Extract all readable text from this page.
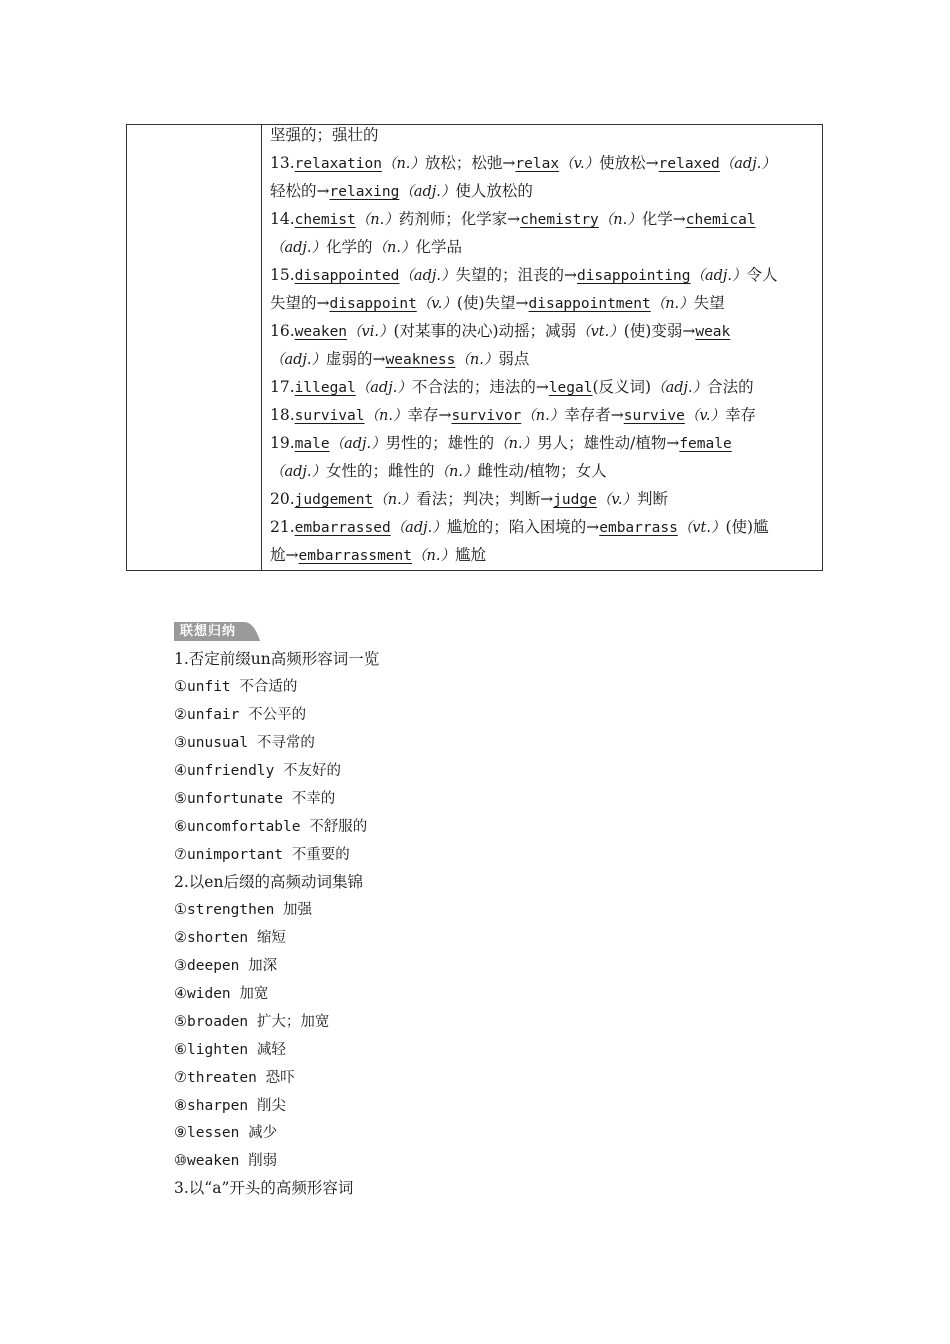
坚强的；强壮的
13.relaxation（n.）放松；松弛→relax（v.）使放松→relaxed（adj.）
轻松的→relaxing（adj.）使人放松的
14.chemist（n.）药剂师；化学家→chemistry（n.）化学→chemical
（adj.）化学的（n.）化学品
15.disappointed（adj.）失望的；沮丧的→disappointing（adj.）令人
失望的→disappoint（v.）(使)失望→disappointment（n.）失望
16.weaken（vi.）(对某事的决心)动摇；减弱（vt.）(使)变弱→weak
（adj.）虚弱的→weakness（n.）弱点
17.illegal（adj.）不合法的；违法的→legal(反义词)（adj.）合法的
18.survival（n.）幸存→survivor（n.）幸存者→survive（v.）幸存
19.male（adj.）男性的；雄性的（n.）男人；雄性动/植物→female
（adj.）女性的；雌性的（n.）雌性动/植物；女人
20.judgement（n.）看法；判决；判断→judge（v.）判断
21.embarrassed（adj.）尴尬的；陷入困境的→embarrass（vt.）(使)尴
尬→embarrassment（n.）尴尬
联想归纳
1.否定前缀un高频形容词一览
①unfit 不合适的
②unfair 不公平的
③unusual 不寻常的
④unfriendly 不友好的
⑤unfortunate 不幸的
⑥uncomfortable 不舒服的
⑦unimportant 不重要的
2.以en后缀的高频动词集锦
①strengthen 加强
②shorten 缩短
③deepen 加深
④widen 加宽
⑤broaden 扩大；加宽
⑥lighten 减轻
⑦threaten 恐吓
⑧sharpen 削尖
⑨lessen 减少
⑩weaken 削弱
3.以“a”开头的高频形容词
